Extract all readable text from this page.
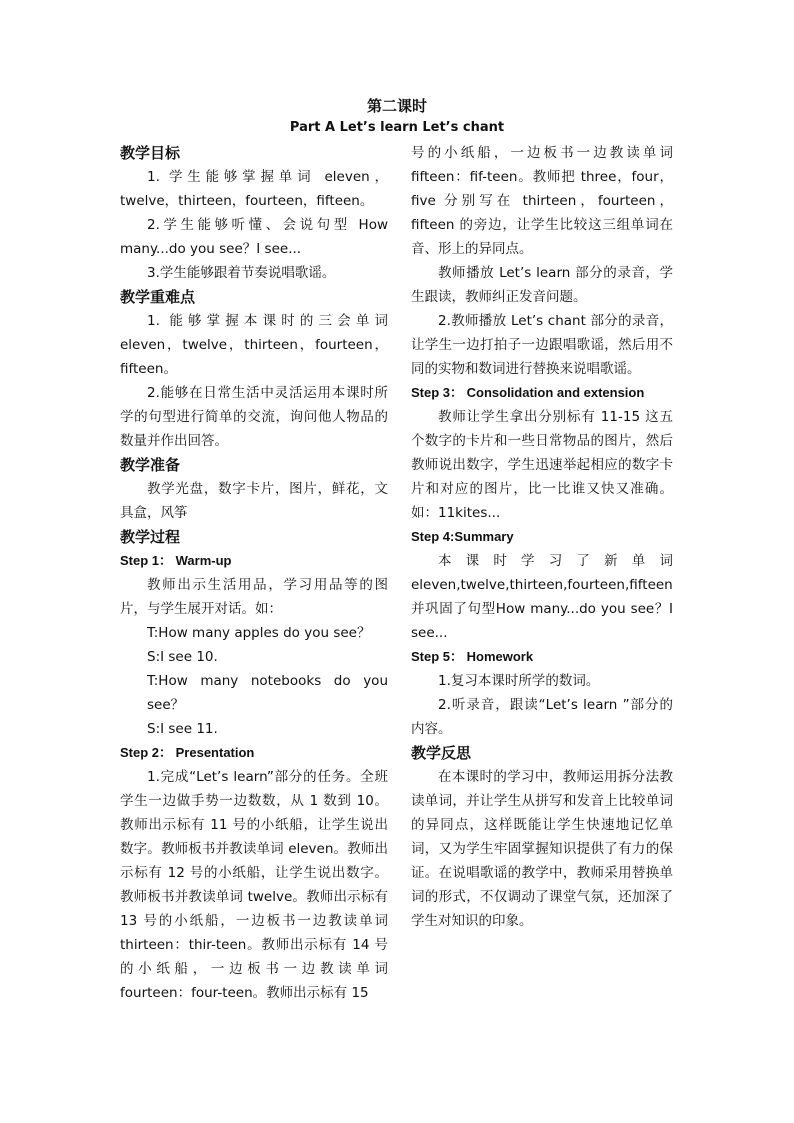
第二课时
Part A Let’s learn Let’s chant
教学目标

1. 学生能够掌握单词 eleven，twelve，thirteen，fourteen，fifteen。

2.学生能够听懂、会说句型 How many...do you see？I see...

3.学生能够跟着节奏说唱歌谣。

教学重难点

1. 能够掌握本课时的三会单词 eleven，twelve，thirteen，fourteen，fifteen。

2.能够在日常生活中灵活运用本课时所学的句型进行简单的交流，询问他人物品的数量并作出回答。

教学准备

教学光盘，数字卡片，图片，鲜花，文具盒，风筝

教学过程
Step 1： Warm-up

教师出示生活用品，学习用品等的图片，与学生展开对话。如：

T:How many apples do you see？

S:I see 10.

T:How many notebooks do you see？

S:I see 11.

Step 2： Presentation

1.完成“Let’s learn”部分的任务。全班学生一边做手势一边数数，从 1 数到 10。教师出示标有 11 号的小纸船，让学生说出数字。教师板书并教读单词 eleven。教师出示标有 12 号的小纸船，让学生说出数字。教师板书并教读单词 twelve。教师出示标有 13 号的小纸船，一边板书一边教读单词 thirteen：thir-teen。教师出示标有 14 号的小纸船，一边板书一边教读单词 fourteen：four-teen。教师出示标有 15

号的小纸船，一边板书一边教读单词 fifteen：fif-teen。教师把 three，four，five 分别写在 thirteen，fourteen，fifteen 的旁边，让学生比较这三组单词在音、形上的异同点。

教师播放 Let’s learn 部分的录音，学生跟读，教师纠正发音问题。

2.教师播放 Let’s chant 部分的录音，让学生一边打拍子一边跟唱歌谣，然后用不同的实物和数词进行替换来说唱歌谣。

Step 3： Consolidation and extension

教师让学生拿出分别标有 11-15 这五个数字的卡片和一些日常物品的图片，然后教师说出数字，学生迅速举起相应的数字卡片和对应的图片，比一比谁又快又准确。如：11kites...

Step 4:Summary

本课时学习了新单词 eleven,twelve,thirteen,fourteen,fifteen 并巩固了句型How many...do you see？I see...

Step 5： Homework

1.复习本课时所学的数词。

2.听录音，跟读“Let’s learn ”部分的内容。

教学反思

在本课时的学习中，教师运用拆分法教读单词，并让学生从拼写和发音上比较单词的异同点，这样既能让学生快速地记忆单词，又为学生牢固掌握知识提供了有力的保证。在说唱歌谣的教学中，教师采用替换单词的形式，不仅调动了课堂气氛，还加深了学生对知识的印象。
